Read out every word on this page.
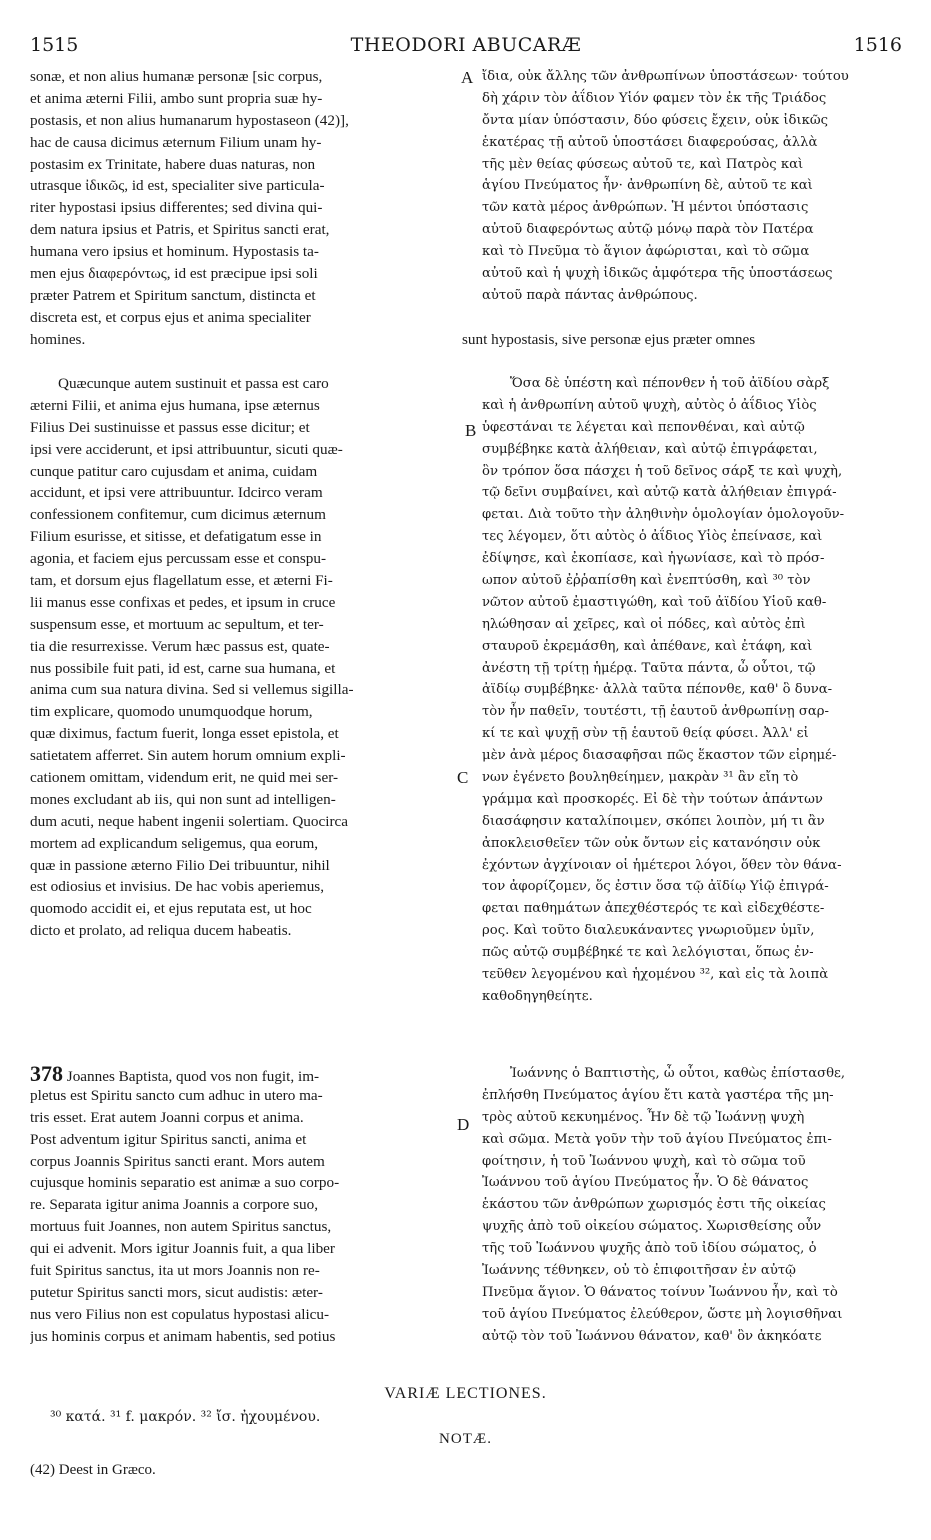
1515	THEODORI ABUCARÆ	1516
sonæ, et non alius humanæ personæ [sic corpus,
et anima æterni Filii, ambo sunt propria suæ hy-
postasis, et non alius humanarum hypostaseon (42)],
hac de causa dicimus æternum Filium unam hy-
postasim ex Trinitate, habere duas naturas, non
utrasque ἰδικῶς, id est, specialiter sive particula-
riter hypostasi ipsius differentes; sed divina qui-
dem natura ipsius et Patris, et Spiritus sancti erat,
humana vero ipsius et hominum. Hypostasis ta-
men ejus διαφερόντως, id est præcipue ipsi soli
præter Patrem et Spiritum sanctum, distincta et
discreta est, et corpus ejus et anima specialiter
homines.
A ἴδια, οὐκ ἄλλης τῶν ἀνθρωπίνων ὑποστάσεων· τούτου
δὴ χάριν τὸν ἀΐδιον Υἱόν φαμεν τὸν ἐκ τῆς Τριάδος
ὄντα μίαν ὑπόστασιν, δύο φύσεις ἔχειν, οὐκ ἰδικῶς
ἑκατέρας τῇ αὐτοῦ ὑποστάσει διαφερούσας, ἀλλὰ
τῆς μὲν θείας φύσεως αὐτοῦ τε, καὶ Πατρὸς καὶ
ἁγίου Πνεύματος ἦν· ἀνθρωπίνη δὲ, αὐτοῦ τε καὶ
τῶν κατὰ μέρος ἀνθρώπων. Ἡ μέντοι ὑπόστασις
αὐτοῦ διαφερόντως αὐτῷ μόνῳ παρὰ τὸν Πατέρα
καὶ τὸ Πνεῦμα τὸ ἅγιον ἀφώρισται, καὶ τὸ σῶμα
αὐτοῦ καὶ ἡ ψυχὴ ἰδικῶς ἀμφότερα τῆς ὑποστάσεως
αὐτοῦ παρὰ πάντας ἀνθρώπους.
sunt hypostasis, sive personæ ejus præter omnes
Quæcunque autem sustinuit et passa est caro
æterni Filii, et anima ejus humana, ipse æternus
Filius Dei sustinuisse et passus esse dicitur; et
ipsi vere acciderunt, et ipsi attribuuntur, sicuti quæ-
cunque patitur caro cujusdam et anima, cuidam
accidunt, et ipsi vere attribuuntur. Idcirco veram
confessionem confitemur, cum dicimus æternum
Filium esurisse, et sitisse, et defatigatum esse in
agonia, et faciem ejus percussam esse et conspu-
tam, et dorsum ejus flagellatum esse, et æterni Fi-
lii manus esse confixas et pedes, et ipsum in cruce
suspensum esse, et mortuum ac sepultum, et ter-
tia die resurrexisse. Verum hæc passus est, quate-
nus possibile fuit pati, id est, carne sua humana, et
anima cum sua natura divina. Sed si vellemus sigilla-
tim explicare, quomodo unumquodque horum,
quæ diximus, factum fuerit, longa esset epistola, et
satietatem afferret. Sin autem horum omnium expli-
cationem omittam, videndum erit, ne quid mei ser-
mones excludant ab iis, qui non sunt ad intelligen-
dum acuti, neque habent ingenii solertiam. Quocirca
mortem ad explicandum seligemus, qua eorum,
quæ in passione æterno Filio Dei tribuuntur, nihil
est odiosius et invisius. De hac vobis aperiemus,
quomodo accidit ei, et ejus reputata est, ut hoc
dicto et prolato, ad reliqua ducem habeatis.
B
C
Ὅσα δὲ ὑπέστη καὶ πέπονθεν ἡ τοῦ ἀϊδίου σὰρξ
καὶ ἡ ἀνθρωπίνη αὐτοῦ ψυχὴ, αὐτὸς ὁ ἀΐδιος Υἱὸς
ὑφεστάναι τε λέγεται καὶ πεπονθέναι, καὶ αὐτῷ
συμβέβηκε κατὰ ἀλήθειαν, καὶ αὐτῷ ἐπιγράφεται,
ὃν τρόπον ὅσα πάσχει ἡ τοῦ δεῖνος σάρξ τε καὶ ψυχὴ,
τῷ δεῖνι συμβαίνει, καὶ αὐτῷ κατὰ ἀλήθειαν ἐπιγρά-
φεται. Διὰ τοῦτο τὴν ἀληθινὴν ὁμολογίαν ὁμολογοῦν-
τες λέγομεν, ὅτι αὐτὸς ὁ ἀΐδιος Υἱὸς ἐπείνασε, καὶ
ἐδίψησε, καὶ ἐκοπίασε, καὶ ἠγωνίασε, καὶ τὸ πρόσ-
ωπον αὐτοῦ ἐῤῥαπίσθη καὶ ἐνεπτύσθη, καὶ ³⁰ τὸν
νῶτον αὐτοῦ ἐμαστιγώθη, καὶ τοῦ ἀϊδίου Υἱοῦ καθ-
ηλώθησαν αἱ χεῖρες, καὶ οἱ πόδες, καὶ αὐτὸς ἐπὶ
σταυροῦ ἐκρεμάσθη, καὶ ἀπέθανε, καὶ ἐτάφη, καὶ
ἀνέστη τῇ τρίτῃ ἡμέρᾳ. Ταῦτα πάντα, ὦ οὗτοι, τῷ
ἀϊδίῳ συμβέβηκε· ἀλλὰ ταῦτα πέπονθε, καθ' ὃ δυνα-
τὸν ἦν παθεῖν, τουτέστι, τῇ ἑαυτοῦ ἀνθρωπίνῃ σαρ-
κί τε καὶ ψυχῇ σὺν τῇ ἑαυτοῦ θείᾳ φύσει. Ἀλλ' εἰ
μὲν ἀνὰ μέρος διασαφῆσαι πῶς ἕκαστον τῶν εἰρημέ-
νων ἐγένετο βουληθείημεν, μακρὰν ³¹ ἂν εἴη τὸ
γράμμα καὶ προσκορές. Εἰ δὲ τὴν τούτων ἁπάντων
διασάφησιν καταλίποιμεν, σκόπει λοιπὸν, μή τι ἂν
ἀποκλεισθεῖεν τῶν οὐκ ὄντων εἰς κατανόησιν οὐκ
ἐχόντων ἀγχίνοιαν οἱ ἡμέτεροι λόγοι, ὅθεν τὸν θάνα-
τον ἀφορίζομεν, ὅς ἐστιν ὅσα τῷ ἀϊδίῳ Υἱῷ ἐπιγρά-
φεται παθημάτων ἀπεχθέστερός τε καὶ εἰδεχθέστε-
ρος. Καὶ τοῦτο διαλευκάναντες γνωριοῦμεν ὑμῖν,
πῶς αὐτῷ συμβέβηκέ τε καὶ λελόγισται, ὅπως ἐν-
τεῦθεν λεγομένου καὶ ἡχομένου ³², καὶ εἰς τὰ λοιπὰ
καθοδηγηθείητε.
378 Joannes Baptista, quod vos non fugit, im-
pletus est Spiritu sancto cum adhuc in utero ma-
tris esset. Erat autem Joanni corpus et anima.
Post adventum igitur Spiritus sancti, anima et
corpus Joannis Spiritus sancti erant. Mors autem
cujusque hominis separatio est animæ a suo corpo-
re. Separata igitur anima Joannis a corpore suo,
mortuus fuit Joannes, non autem Spiritus sanctus,
qui ei advenit. Mors igitur Joannis fuit, a qua liber
fuit Spiritus sanctus, ita ut mors Joannis non re-
putetur Spiritus sancti mors, sicut audistis: æter-
nus vero Filius non est copulatus hypostasi alicu-
jus hominis corpus et animam habentis, sed potius
D
Ἰωάννης ὁ Βαπτιστὴς, ὦ οὗτοι, καθὼς ἐπίστασθε,
ἐπλήσθη Πνεύματος ἁγίου ἔτι κατὰ γαστέρα τῆς μη-
τρὸς αὐτοῦ κεκυημένος. Ἦν δὲ τῷ Ἰωάννῃ ψυχὴ
καὶ σῶμα. Μετὰ γοῦν τὴν τοῦ ἁγίου Πνεύματος ἐπι-
φοίτησιν, ἡ τοῦ Ἰωάννου ψυχὴ, καὶ τὸ σῶμα τοῦ
Ἰωάννου τοῦ ἁγίου Πνεύματος ἦν. Ὁ δὲ θάνατος
ἑκάστου τῶν ἀνθρώπων χωρισμός ἐστι τῆς οἰκείας
ψυχῆς ἀπὸ τοῦ οἰκείου σώματος. Χωρισθείσης οὖν
τῆς τοῦ Ἰωάννου ψυχῆς ἀπὸ τοῦ ἰδίου σώματος, ὁ
Ἰωάννης τέθνηκεν, οὐ τὸ ἐπιφοιτῆσαν ἐν αὐτῷ
Πνεῦμα ἅγιον. Ὁ θάνατος τοίνυν Ἰωάννου ἦν, καὶ τὸ
τοῦ ἁγίου Πνεύματος ἐλεύθερον, ὥστε μὴ λογισθῆναι
αὐτῷ τὸν τοῦ Ἰωάννου θάνατον, καθ' ὃν ἀκηκόατε
VARIÆ LECTIONES.
³⁰ κατά. ³¹ f. μακρόν. ³² ἴσ. ἠχουμένου.
NOTÆ.
(42) Deest in Græco.
